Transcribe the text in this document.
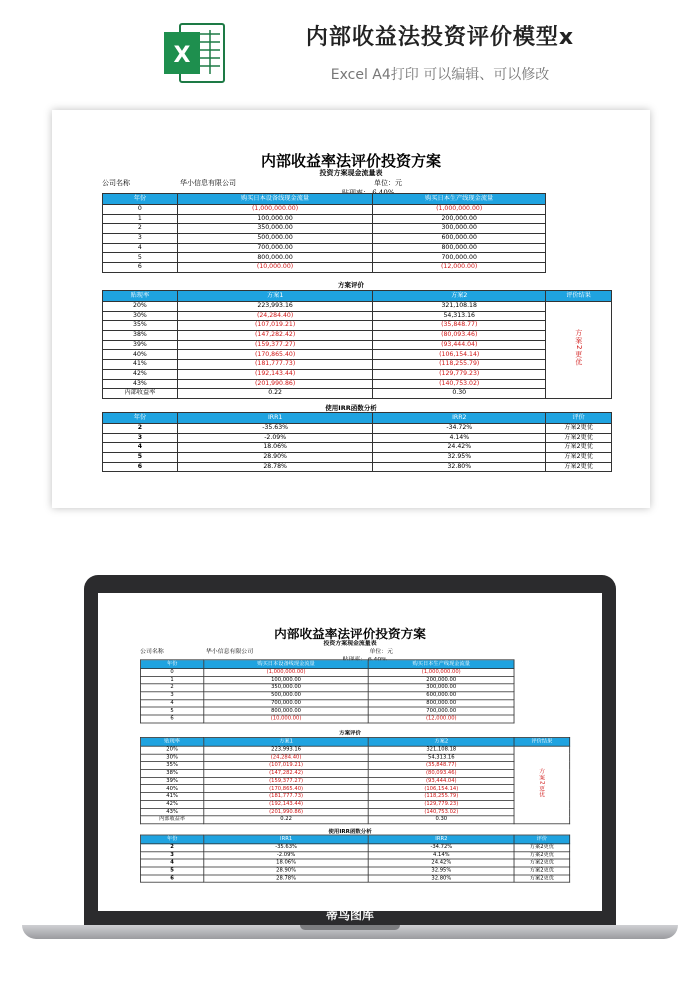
X
内部收益法投资评价模型x
Excel A4打印 可以编辑、可以修改
内部收益率法评价投资方案
投资方案现金流量表
公司名称	华小信息有限公司	单位：元
年份	购买日本设备线现金流量	购买日本生产线现金流量
0	(1,000,000.00)	(1,000,000.00)
1	100,000.00	200,000.00
2	350,000.00	300,000.00
3	500,000.00	600,000.00
4	700,000.00	800,000.00
5	800,000.00	700,000.00
6	(10,000.00)	(12,000.00)
方案评价
贴现率	方案1	方案2	评价结果
20%	223,993.16	321,108.18	方案2更优
30%	(24,284.40)	54,313.16	
35%	(107,019.21)	(35,848.77)	
38%	(147,282.42)	(80,093.46)	
39%	(159,377.27)	(93,444.04)	
40%	(170,865.40)	(106,154.14)	
41%	(181,777.73)	(118,255.79)	
42%	(192,143.44)	(129,779.23)	
43%	(201,990.86)	(140,753.02)	
内部收益率	0.22	0.30	
使用IRR函数分析
年份	IRR1	IRR2	评价
2	-35.63%	-34.72%	方案2更优
3	-2.09%	4.14%	方案2更优
4	18.06%	24.42%	方案2更优
5	28.90%	32.95%	方案2更优
6	28.78%	32.80%	方案2更优
内部收益率法评价投资方案
投资方案现金流量表
公司名称	华小信息有限公司	单位：元
年份	购买日本设备线现金流量	购买日本生产线现金流量
0	(1,000,000.00)	(1,000,000.00)
1	100,000.00	200,000.00
2	350,000.00	300,000.00
3	500,000.00	600,000.00
4	700,000.00	800,000.00
5	800,000.00	700,000.00
6	(10,000.00)	(12,000.00)
方案评价
贴现率	方案1	方案2	评价结果
20%	223,993.16	321,108.18	方案2更优
30%	(24,284.40)	54,313.16	
35%	(107,019.21)	(35,848.77)	
38%	(147,282.42)	(80,093.46)	
39%	(159,377.27)	(93,444.04)	
40%	(170,865.40)	(106,154.14)	
41%	(181,777.73)	(118,255.79)	
42%	(192,143.44)	(129,779.23)	
43%	(201,990.86)	(140,753.02)	
内部收益率	0.22	0.30	
使用IRR函数分析
年份	IRR1	IRR2	评价
2	-35.63%	-34.72%	方案2更优
3	-2.09%	4.14%	方案2更优
4	18.06%	24.42%	方案2更优
5	28.90%	32.95%	方案2更优
6	28.78%	32.80%	方案2更优
蒂鸟图库
